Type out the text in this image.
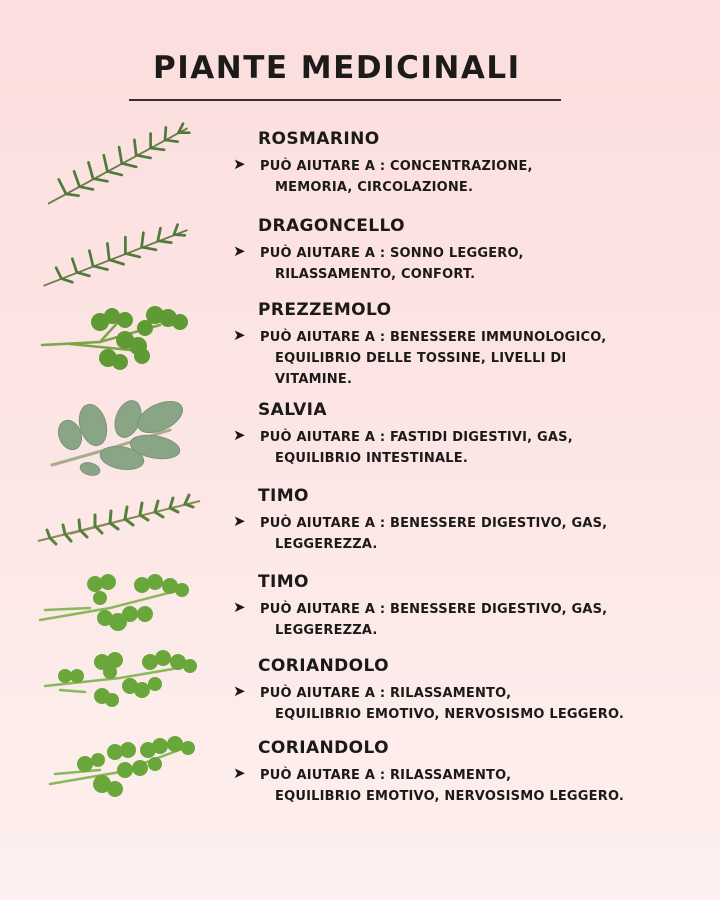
PIANTE MEDICINALI
ROSMARINO
➤ PUÒ AIUTARE A : CONCENTRAZIONE,
MEMORIA, CIRCOLAZIONE.
DRAGONCELLO
➤ PUÒ AIUTARE A : SONNO LEGGERO,
RILASSAMENTO, CONFORT.
PREZZEMOLO
➤ PUÒ AIUTARE A : BENESSERE IMMUNOLOGICO,
EQUILIBRIO DELLE TOSSINE, LIVELLI DI
VITAMINE.
SALVIA
➤ PUÒ AIUTARE A : FASTIDI DIGESTIVI, GAS,
EQUILIBRIO INTESTINALE.
TIMO
➤ PUÒ AIUTARE A : BENESSERE DIGESTIVO, GAS,
LEGGEREZZA.
TIMO
➤ PUÒ AIUTARE A : BENESSERE DIGESTIVO, GAS,
LEGGEREZZA.
CORIANDOLO
➤ PUÒ AIUTARE A : RILASSAMENTO,
EQUILIBRIO EMOTIVO, NERVOSISMO LEGGERO.
CORIANDOLO
➤ PUÒ AIUTARE A : RILASSAMENTO,
EQUILIBRIO EMOTIVO, NERVOSISMO LEGGERO.
